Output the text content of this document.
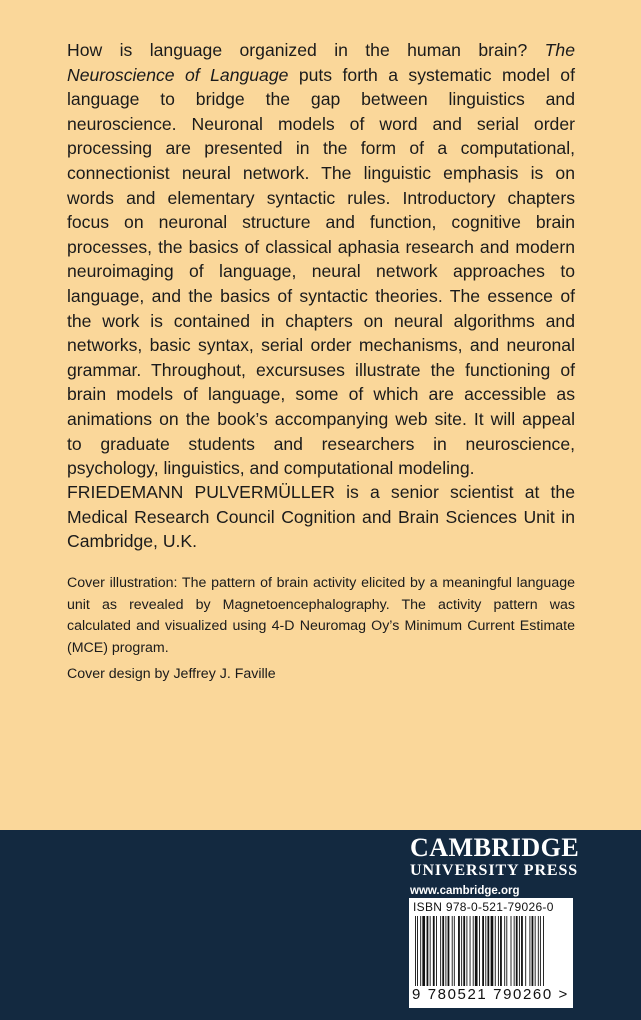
How is language organized in the human brain? The Neuroscience of Language puts forth a systematic model of language to bridge the gap between linguistics and neuroscience. Neuronal models of word and serial order processing are presented in the form of a computational, connectionist neural network. The linguistic emphasis is on words and elementary syntactic rules. Introductory chapters focus on neuronal structure and function, cognitive brain processes, the basics of classical aphasia research and modern neuroimaging of language, neural network approaches to language, and the basics of syntactic theories. The essence of the work is contained in chapters on neural algorithms and networks, basic syntax, serial order mechanisms, and neuronal grammar. Throughout, excursuses illustrate the functioning of brain models of language, some of which are accessible as animations on the book’s accompanying web site. It will appeal to graduate students and researchers in neuroscience, psychology, linguistics, and computational modeling.

FRIEDEMANN PULVERMÜLLER is a senior scientist at the Medical Research Council Cognition and Brain Sciences Unit in Cambridge, U.K.

Cover illustration: The pattern of brain activity elicited by a meaningful language unit as revealed by Magnetoencephalography. The activity pattern was calculated and visualized using 4-D Neuromag Oy’s Minimum Current Estimate (MCE) program.

Cover design by Jeffrey J. Faville

CAMBRIDGE
UNIVERSITY PRESS
www.cambridge.org
ISBN 978-0-521-79026-0
9 780521 790260 >
